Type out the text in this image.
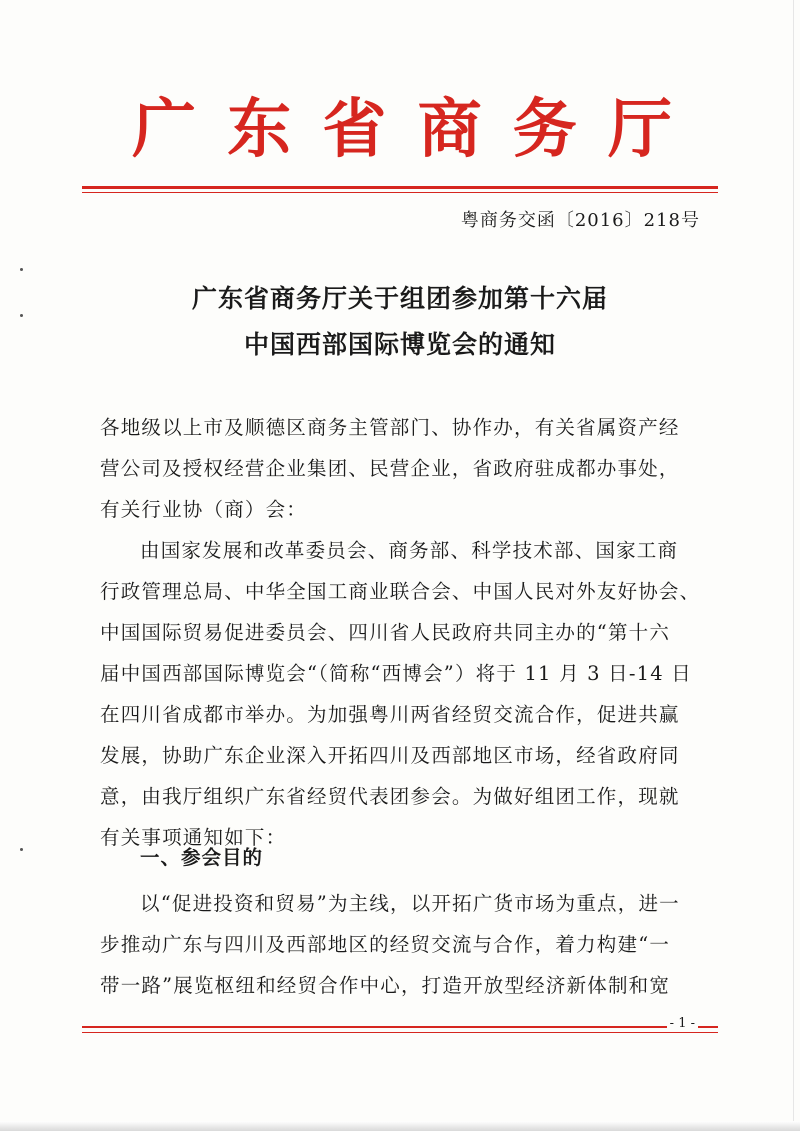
广 东 省 商 务 厅
粤商务交函〔2016〕218号
广东省商务厅关于组团参加第十六届
中国西部国际博览会的通知
各地级以上市及顺德区商务主管部门、协作办，有关省属资产经
营公司及授权经营企业集团、民营企业，省政府驻成都办事处，
有关行业协（商）会：
由国家发展和改革委员会、商务部、科学技术部、国家工商
行政管理总局、中华全国工商业联合会、中国人民对外友好协会、
中国国际贸易促进委员会、四川省人民政府共同主办的“第十六
届中国西部国际博览会“（简称“西博会”）将于 11 月 3 日-14 日
在四川省成都市举办。为加强粤川两省经贸交流合作，促进共赢
发展，协助广东企业深入开拓四川及西部地区市场，经省政府同
意，由我厅组织广东省经贸代表团参会。为做好组团工作，现就
有关事项通知如下：
一、参会目的
以“促进投资和贸易”为主线，以开拓广货市场为重点，进一
步推动广东与四川及西部地区的经贸交流与合作，着力构建“一
带一路”展览枢纽和经贸合作中心，打造开放型经济新体制和宽
- 1 -
